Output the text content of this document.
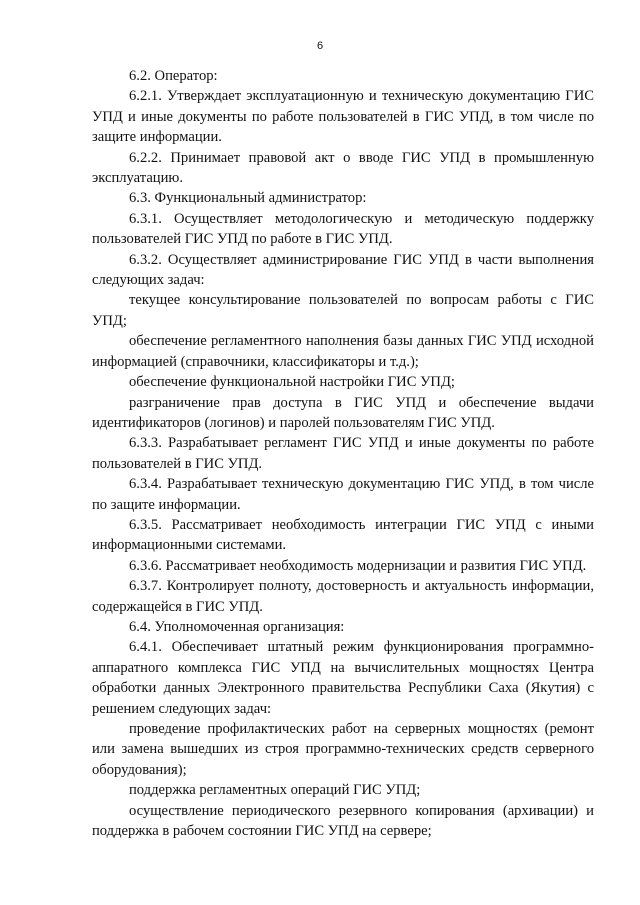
6

6.2. Оператор:

6.2.1. Утверждает эксплуатационную и техническую документацию ГИС УПД и иные документы по работе пользователей в ГИС УПД, в том числе по защите информации.

6.2.2. Принимает правовой акт о вводе ГИС УПД в промышленную эксплуатацию.

6.3. Функциональный администратор:

6.3.1. Осуществляет методологическую и методическую поддержку пользователей ГИС УПД по работе в ГИС УПД.

6.3.2. Осуществляет администрирование ГИС УПД в части выполнения следующих задач:

текущее консультирование пользователей по вопросам работы с ГИС УПД;

обеспечение регламентного наполнения базы данных ГИС УПД исходной информацией (справочники, классификаторы и т.д.);

обеспечение функциональной настройки ГИС УПД;

разграничение прав доступа в ГИС УПД и обеспечение выдачи идентификаторов (логинов) и паролей пользователям ГИС УПД.

6.3.3. Разрабатывает регламент ГИС УПД и иные документы по работе пользователей в ГИС УПД.

6.3.4. Разрабатывает техническую документацию ГИС УПД, в том числе по защите информации.

6.3.5. Рассматривает необходимость интеграции ГИС УПД с иными информационными системами.

6.3.6. Рассматривает необходимость модернизации и развития ГИС УПД.

6.3.7. Контролирует полноту, достоверность и актуальность информации, содержащейся в ГИС УПД.

6.4. Уполномоченная организация:

6.4.1. Обеспечивает штатный режим функционирования программно-аппаратного комплекса ГИС УПД на вычислительных мощностях Центра обработки данных Электронного правительства Республики Саха (Якутия) с решением следующих задач:

проведение профилактических работ на серверных мощностях (ремонт или замена вышедших из строя программно-технических средств серверного оборудования);

поддержка регламентных операций ГИС УПД;

осуществление периодического резервного копирования (архивации) и поддержка в рабочем состоянии ГИС УПД на сервере;
